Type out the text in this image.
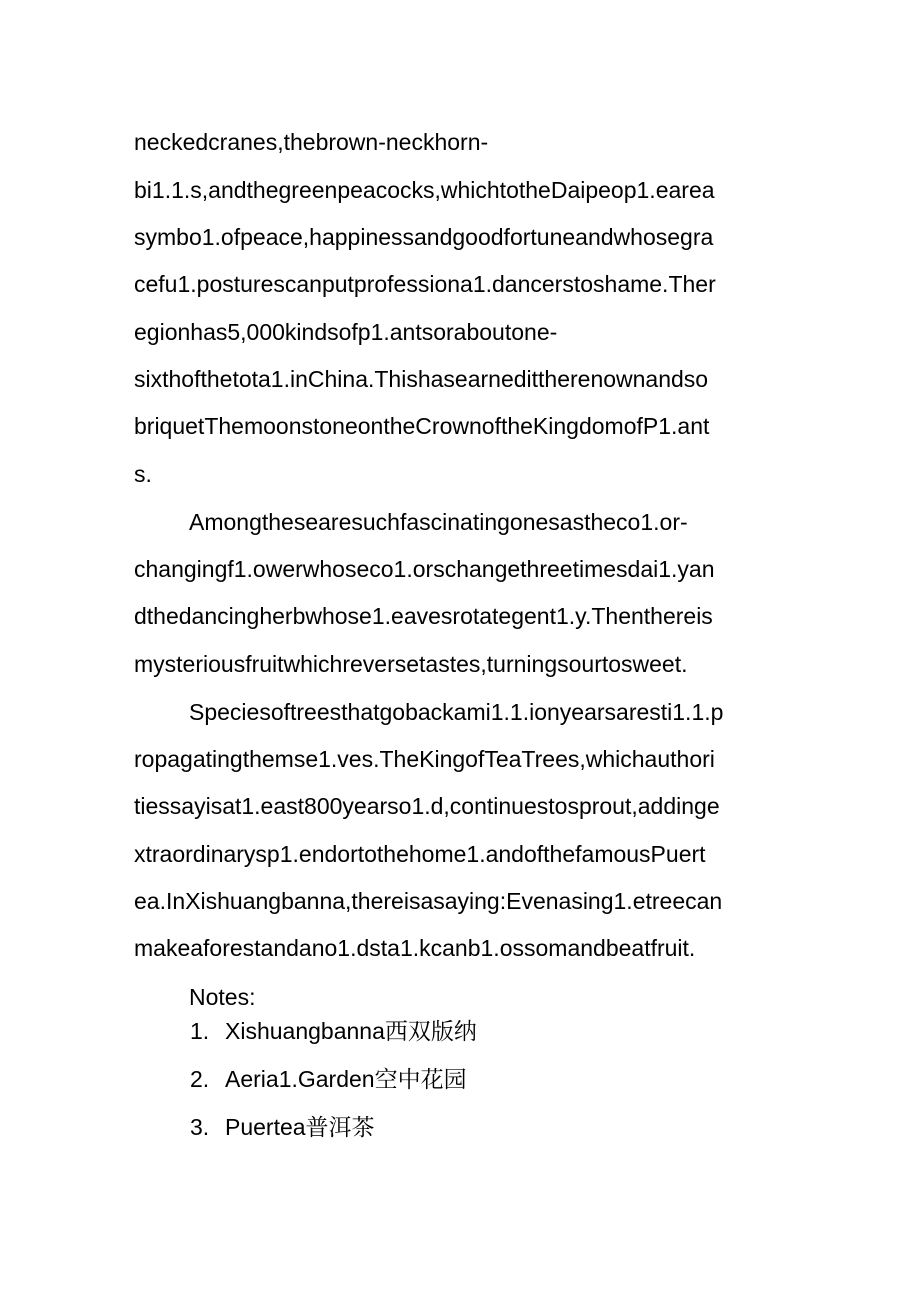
neckedcranes,thebrown-neckhorn-
bi1.1.s,andthegreenpeacocks,whichtotheDaipeop1.earea
symbo1.ofpeace,happinessandgoodfortuneandwhosegra
cefu1.posturescanputprofessiona1.dancerstoshame.Ther
egionhas5,000kindsofp1.antsoraboutone-
sixthofthetota1.inChina.Thishasearnedittherenownandso
briquetThemoonstoneontheCrownoftheKingdomofP1.ant
s.
Amongthesearesuchfascinatingonesastheco1.or-
changingf1.owerwhoseco1.orschangethreetimesdai1.yan
dthedancingherbwhose1.eavesrotategent1.y.Thenthereis
mysteriousfruitwhichreversetastes,turningsourtosweet.
Speciesoftreesthatgobackami1.1.ionyearsaresti1.1.p
ropagatingthemse1.ves.TheKingofTeaTrees,whichauthori
tiessayisat1.east800yearso1.d,continuestosprout,addinge
xtraordinarysp1.endortothehome1.andofthefamousPuert
ea.InXishuangbanna,thereisasaying:Evenasing1.etreecan
makeaforestandano1.dsta1.kcanb1.ossomandbeatfruit.
Notes:
1. Xishuangbanna西双版纳
2. Aeria1.Garden空中花园
3. Puertea普洱茶
